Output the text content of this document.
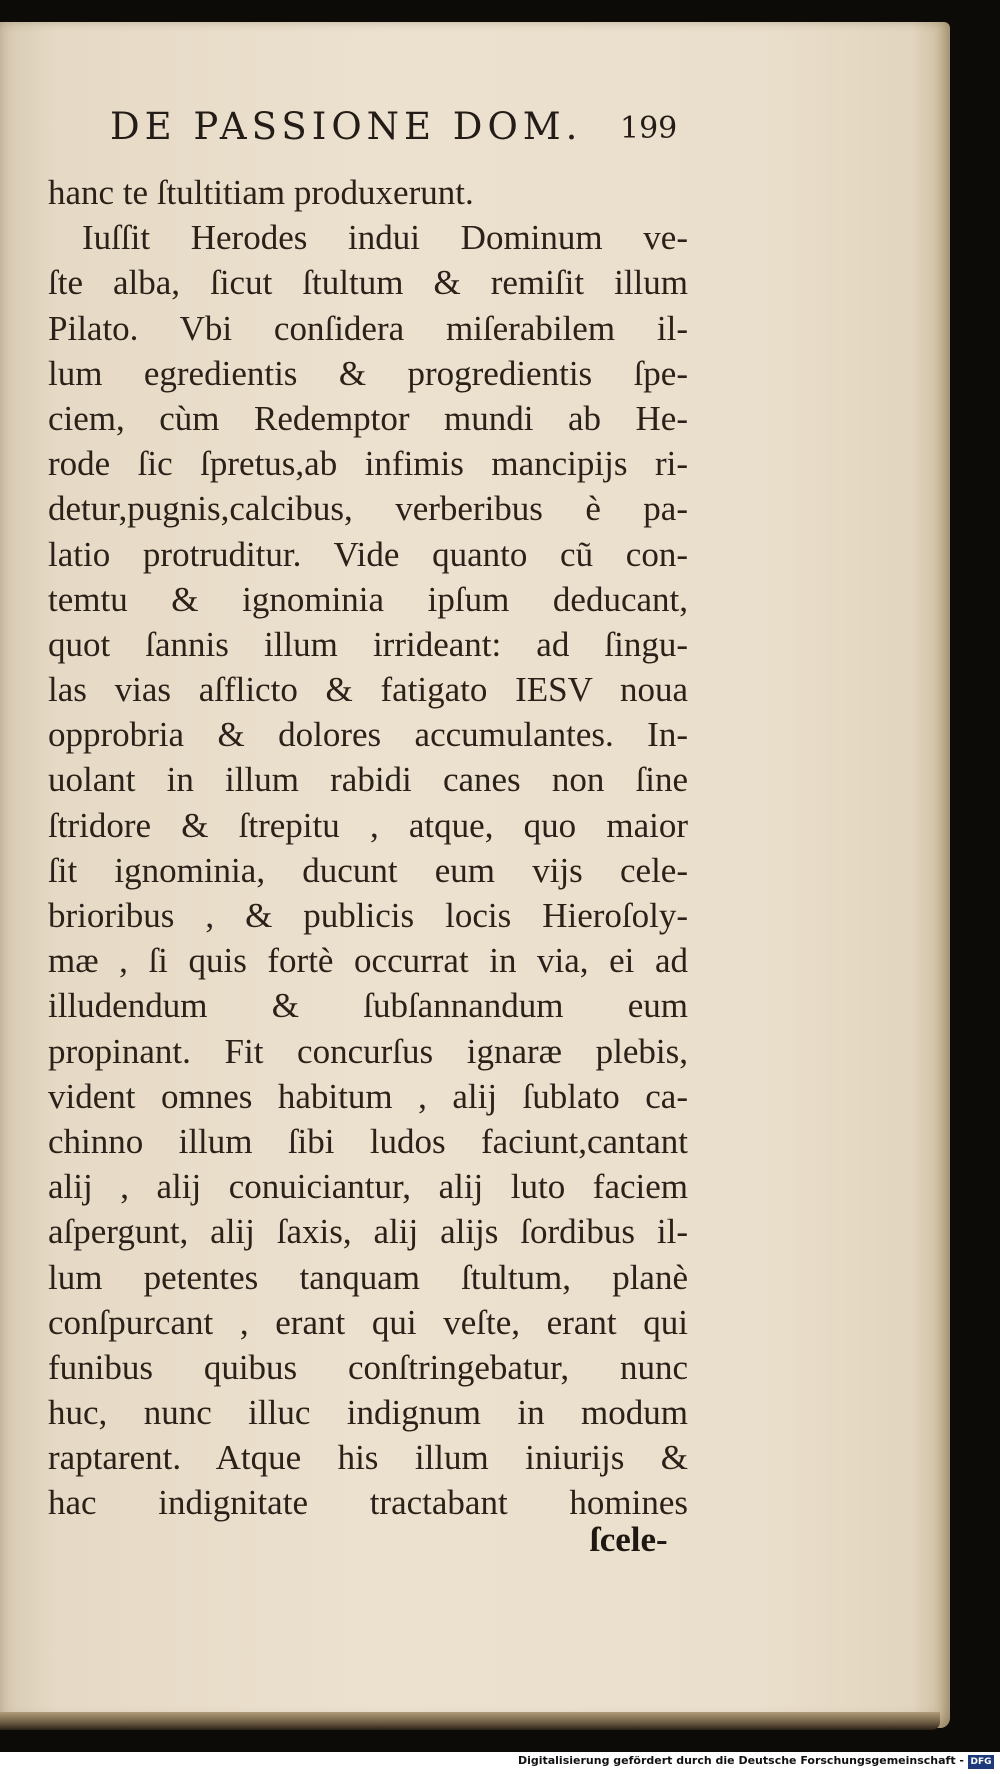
DE PASSIONE DOM. 199
hanc te ſtultitiam produxerunt.
Iuſſit Herodes indui Dominum ve-
ſte alba, ſicut ſtultum & remiſit illum
Pilato. Vbi conſidera miſerabilem il-
lum egredientis & progredientis ſpe-
ciem, cùm Redemptor mundi ab He-
rode ſic ſpretus,ab infimis mancipijs ri-
detur,pugnis,calcibus, verberibus è pa-
latio protruditur. Vide quanto cũ con-
temtu & ignominia ipſum deducant,
quot ſannis illum irrideant: ad ſingu-
las vias aſflicto & fatigato IESV noua
opprobria & dolores accumulantes. In-
uolant in illum rabidi canes non ſine
ſtridore & ſtrepitu , atque, quo maior
ſit ignominia, ducunt eum vijs cele-
brioribus , & publicis locis Hieroſoly-
mæ , ſi quis fortè occurrat in via, ei ad
illudendum & ſubſannandum eum
propinant. Fit concurſus ignaræ plebis,
vident omnes habitum , alij ſublato ca-
chinno illum ſibi ludos faciunt,cantant
alij , alij conuiciantur, alij luto faciem
aſpergunt, alij ſaxis, alij alijs ſordibus il-
lum petentes tanquam ſtultum, planè
conſpurcant , erant qui veſte, erant qui
funibus quibus conſtringebatur, nunc
huc, nunc illuc indignum in modum
raptarent. Atque his illum iniurijs &
hac indignitate tractabant homines
ſcele-
Digitalisierung gefördert durch die Deutsche Forschungsgemeinschaft - DFG
